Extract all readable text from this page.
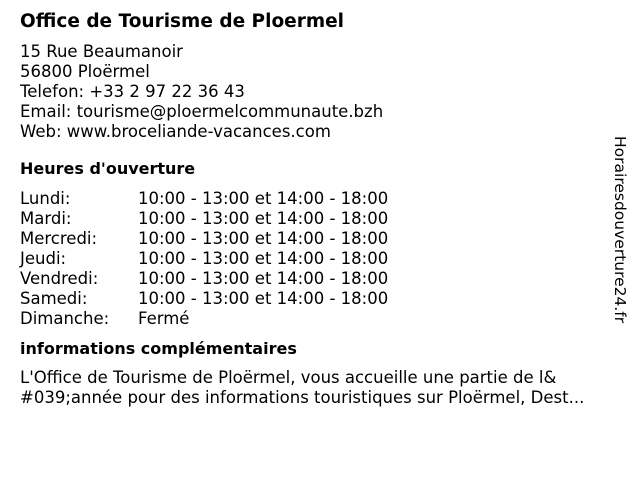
Office de Tourisme de Ploermel
15 Rue Beaumanoir
56800 Ploërmel
Telefon: +33 2 97 22 36 43
Email: tourisme@ploermelcommunaute.bzh
Web: www.broceliande-vacances.com
Heures d'ouverture
Lundi:	10:00 - 13:00 et 14:00 - 18:00
Mardi:	10:00 - 13:00 et 14:00 - 18:00
Mercredi: 10:00 - 13:00 et 14:00 - 18:00
Jeudi:	10:00 - 13:00 et 14:00 - 18:00
Vendredi: 10:00 - 13:00 et 14:00 - 18:00
Samedi:	10:00 - 13:00 et 14:00 - 18:00
Dimanche: Fermé
informations complémentaires
L'Office de Tourisme de Ploërmel, vous accueille une partie de l&
#039;année pour des informations touristiques sur Ploërmel, Dest...
Horairesdouverture24.fr
